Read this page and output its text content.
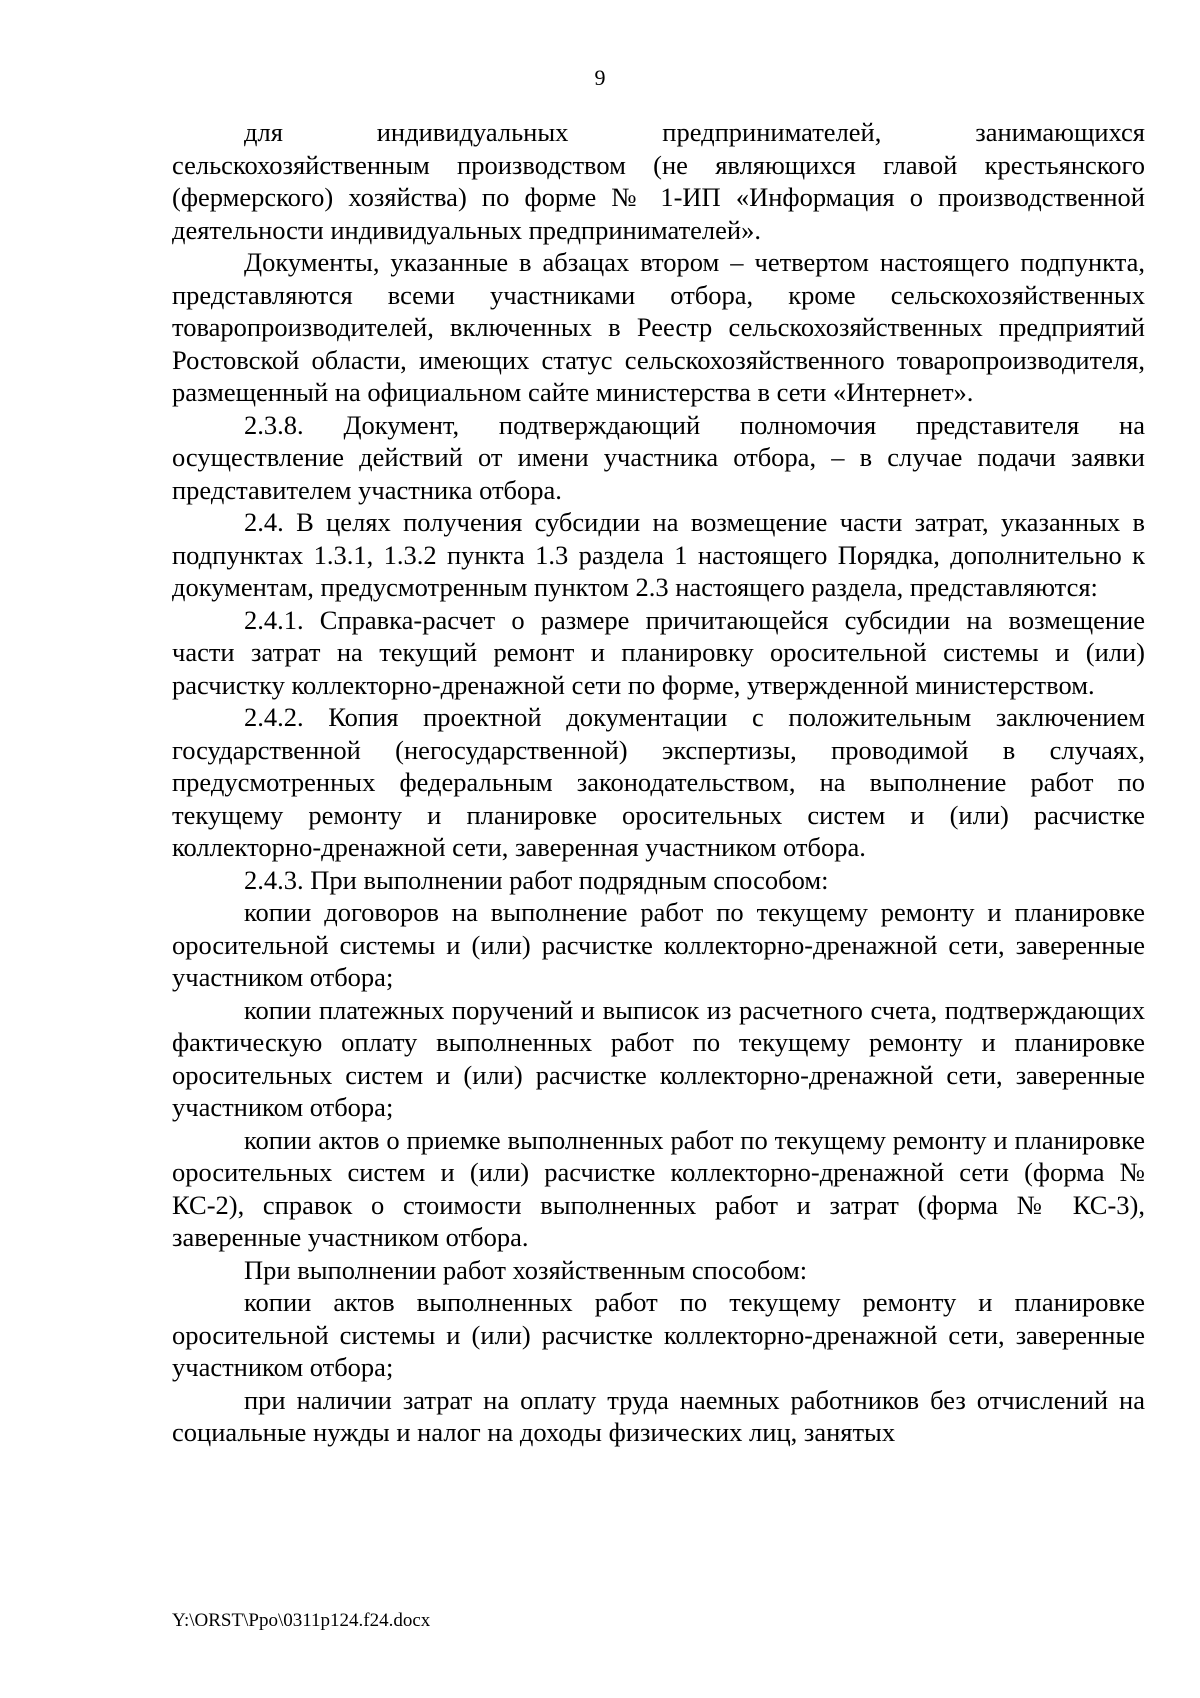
9

для индивидуальных предпринимателей, занимающихся сельскохозяйственным производством (не являющихся главой крестьянского (фермерского) хозяйства) по форме № 1-ИП «Информация о производственной деятельности индивидуальных предпринимателей».

Документы, указанные в абзацах втором – четвертом настоящего подпункта, представляются всеми участниками отбора, кроме сельскохозяйственных товаропроизводителей, включенных в Реестр сельскохозяйственных предприятий Ростовской области, имеющих статус сельскохозяйственного товаропроизводителя, размещенный на официальном сайте министерства в сети «Интернет».

2.3.8. Документ, подтверждающий полномочия представителя на осуществление действий от имени участника отбора, – в случае подачи заявки представителем участника отбора.

2.4. В целях получения субсидии на возмещение части затрат, указанных в подпунктах 1.3.1, 1.3.2 пункта 1.3 раздела 1 настоящего Порядка, дополнительно к документам, предусмотренным пунктом 2.3 настоящего раздела, представляются:

2.4.1. Справка-расчет о размере причитающейся субсидии на возмещение части затрат на текущий ремонт и планировку оросительной системы и (или) расчистку коллекторно-дренажной сети по форме, утвержденной министерством.

2.4.2. Копия проектной документации с положительным заключением государственной (негосударственной) экспертизы, проводимой в случаях, предусмотренных федеральным законодательством, на выполнение работ по текущему ремонту и планировке оросительных систем и (или) расчистке коллекторно-дренажной сети, заверенная участником отбора.

2.4.3. При выполнении работ подрядным способом:

копии договоров на выполнение работ по текущему ремонту и планировке оросительной системы и (или) расчистке коллекторно-дренажной сети, заверенные участником отбора;

копии платежных поручений и выписок из расчетного счета, подтверждающих фактическую оплату выполненных работ по текущему ремонту и планировке оросительных систем и (или) расчистке коллекторно-дренажной сети, заверенные участником отбора;

копии актов о приемке выполненных работ по текущему ремонту и планировке оросительных систем и (или) расчистке коллекторно-дренажной сети (форма № КС-2), справок о стоимости выполненных работ и затрат (форма № КС-3), заверенные участником отбора.

При выполнении работ хозяйственным способом:

копии актов выполненных работ по текущему ремонту и планировке оросительной системы и (или) расчистке коллекторно-дренажной сети, заверенные участником отбора;

при наличии затрат на оплату труда наемных работников без отчислений на социальные нужды и налог на доходы физических лиц, занятых

Y:\ORST\Ppo\0311p124.f24.docx
